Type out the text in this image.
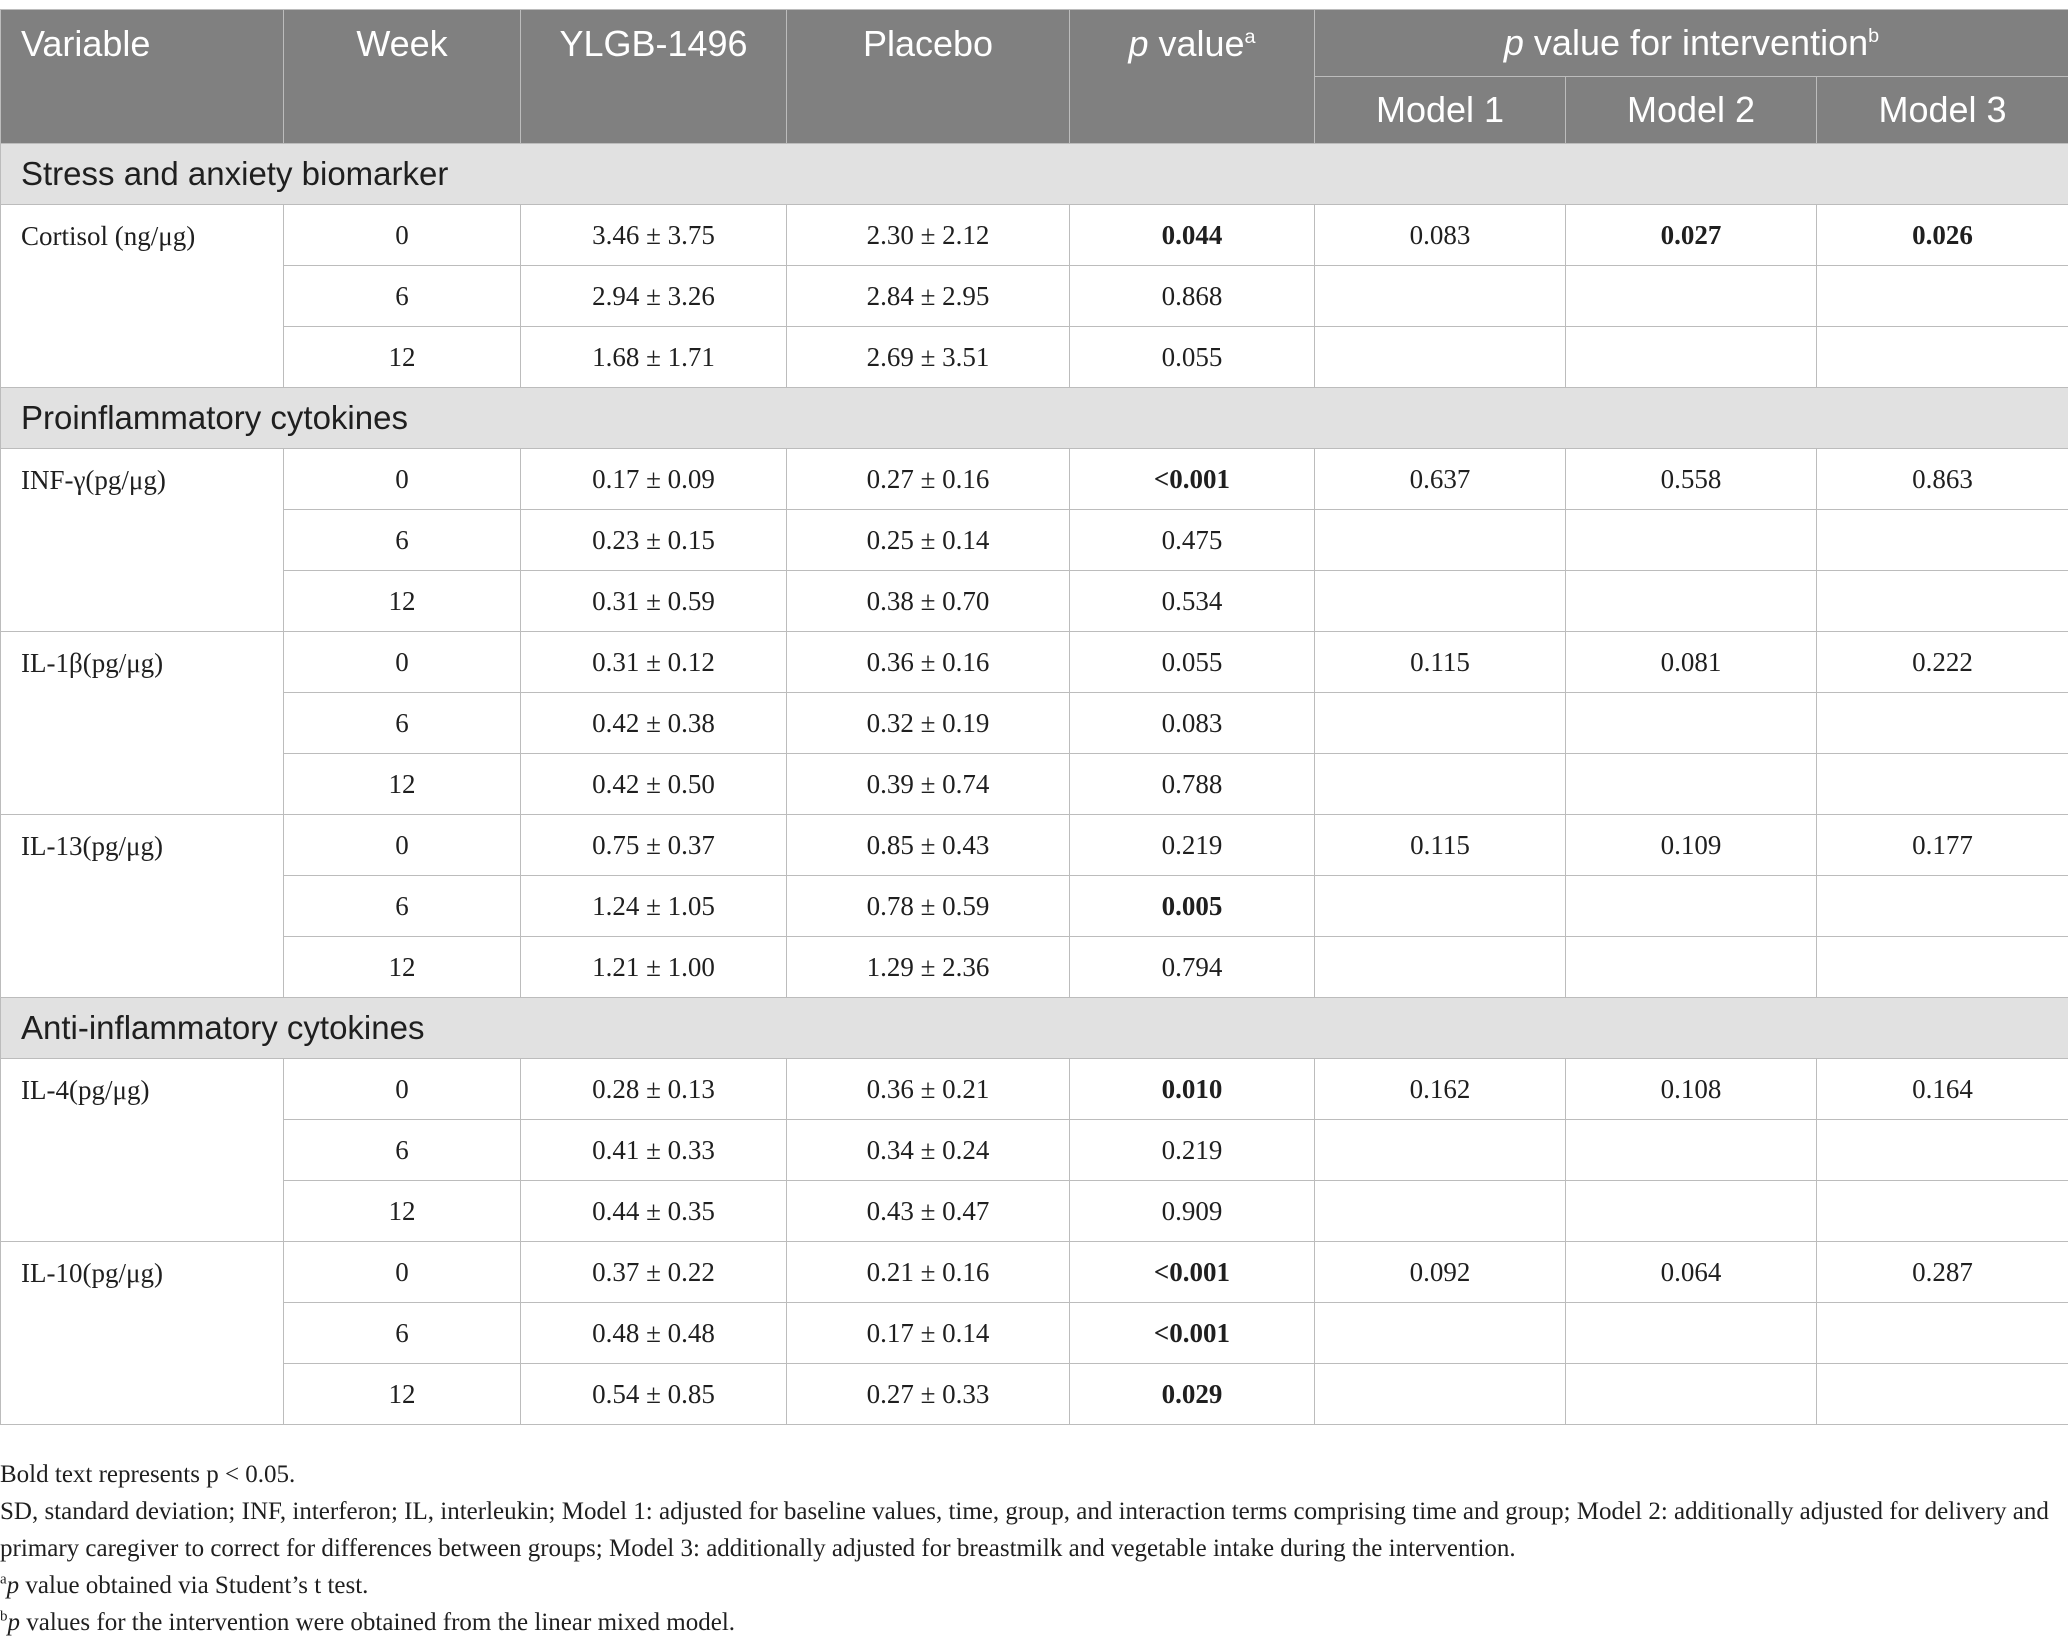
Variable	Week	YLGB-1496	Placebo	p value$^a$	p value for intervention$^b$
					Model 1	Model 2	Model 3
Stress and anxiety biomarker							
Cortisol (ng/μg)	0	3.46 ± 3.75	2.30 ± 2.12	0.044	0.083	0.027	0.026
	6	2.94 ± 3.26	2.84 ± 2.95	0.868			
	12	1.68 ± 1.71	2.69 ± 3.51	0.055			
Proinflammatory cytokines							
INF-γ(pg/μg)	0	0.17 ± 0.09	0.27 ± 0.16	<0.001	0.637	0.558	0.863
	6	0.23 ± 0.15	0.25 ± 0.14	0.475			
	12	0.31 ± 0.59	0.38 ± 0.70	0.534			
IL-1β(pg/μg)	0	0.31 ± 0.12	0.36 ± 0.16	0.055	0.115	0.081	0.222
	6	0.42 ± 0.38	0.32 ± 0.19	0.083			
	12	0.42 ± 0.50	0.39 ± 0.74	0.788			
IL-13(pg/μg)	0	0.75 ± 0.37	0.85 ± 0.43	0.219	0.115	0.109	0.177
	6	1.24 ± 1.05	0.78 ± 0.59	0.005			
	12	1.21 ± 1.00	1.29 ± 2.36	0.794			
Anti-inflammatory cytokines							
IL-4(pg/μg)	0	0.28 ± 0.13	0.36 ± 0.21	0.010	0.162	0.108	0.164
	6	0.41 ± 0.33	0.34 ± 0.24	0.219			
	12	0.44 ± 0.35	0.43 ± 0.47	0.909			
IL-10(pg/μg)	0	0.37 ± 0.22	0.21 ± 0.16	<0.001	0.092	0.064	0.287
	6	0.48 ± 0.48	0.17 ± 0.14	<0.001			
	12	0.54 ± 0.85	0.27 ± 0.33	0.029			

Bold text represents p < 0.05.

SD, standard deviation; INF, interferon; IL, interleukin; Model 1: adjusted for baseline values, time, group, and interaction terms comprising time and group; Model 2: additionally adjusted for delivery and primary caregiver to correct for differences between groups; Model 3: additionally adjusted for breastmilk and vegetable intake during the intervention.

$^a$p value obtained via Student’s t test.

$^b$p values for the intervention were obtained from the linear mixed model.
